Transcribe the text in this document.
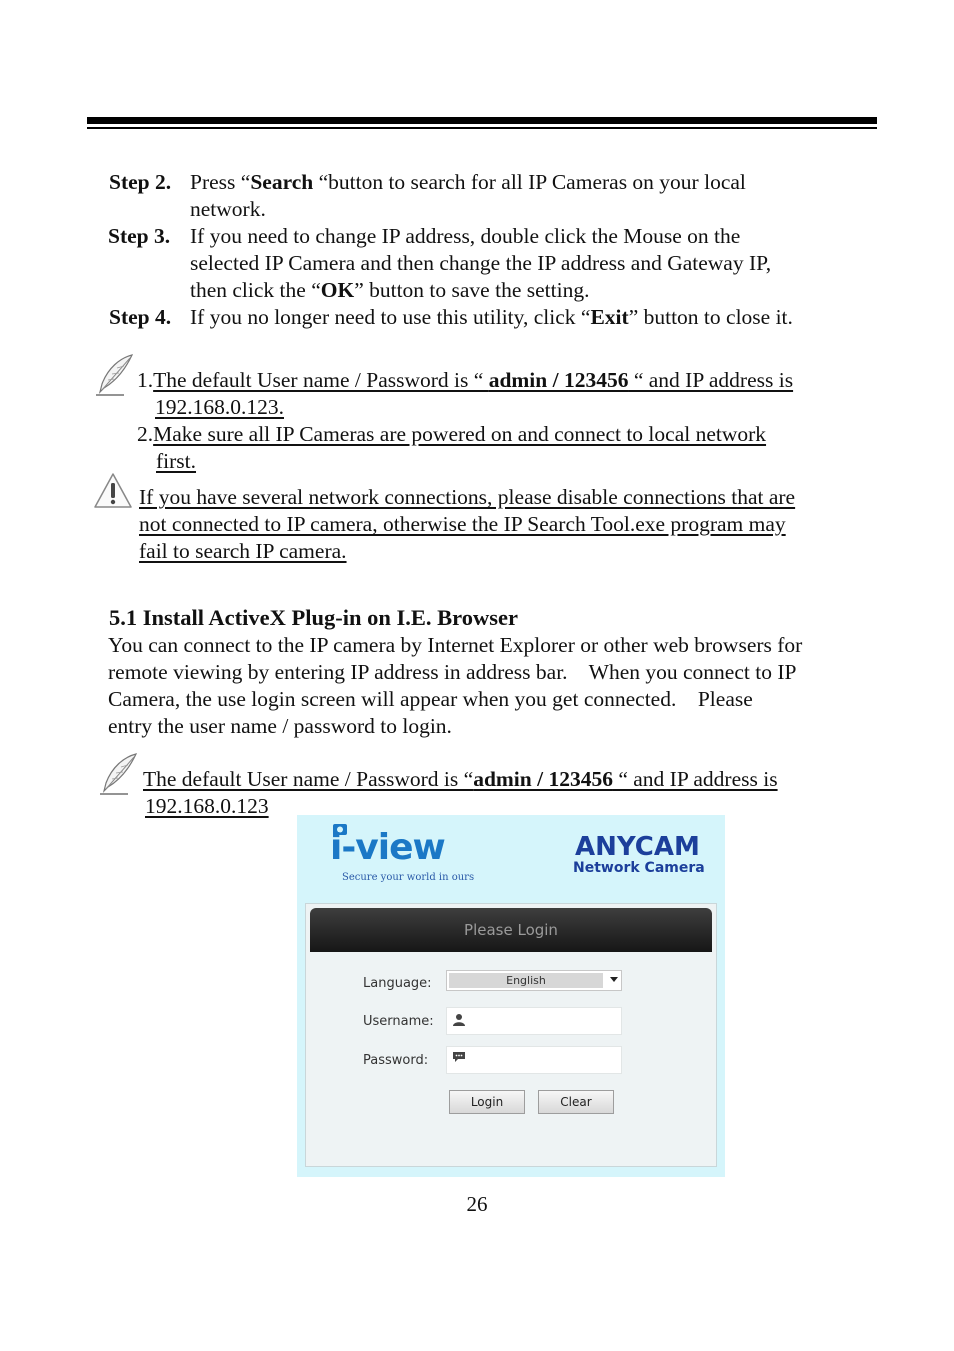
Step 2. Press “Search “button to search for all IP Cameras on your local
network.
Step 3. If you need to change IP address, double click the Mouse on the
selected IP Camera and then change the IP address and Gateway IP,
then click the “OK” button to save the setting.
Step 4. If you no longer need to use this utility, click “Exit” button to close it.
1.The default User name / Password is “ admin / 123456 “ and IP address is
192.168.0.123.
2.Make sure all IP Cameras are powered on and connect to local network
first.
If you have several network connections, please disable connections that are
not connected to IP camera, otherwise the IP Search Tool.exe program may
fail to search IP camera.
5.1 Install ActiveX Plug-in on I.E. Browser
You can connect to the IP camera by Internet Explorer or other web browsers for
remote viewing by entering IP address in address bar.    When you connect to IP
Camera, the use login screen will appear when you get connected.    Please
entry the user name / password to login.
The default User name / Password is “admin / 123456 “ and IP address is
192.168.0.123
i-view
Secure your world in ours
ANYCAM
Network Camera
Please Login
Language:	English
Username:
Password:
Login	Clear
26
